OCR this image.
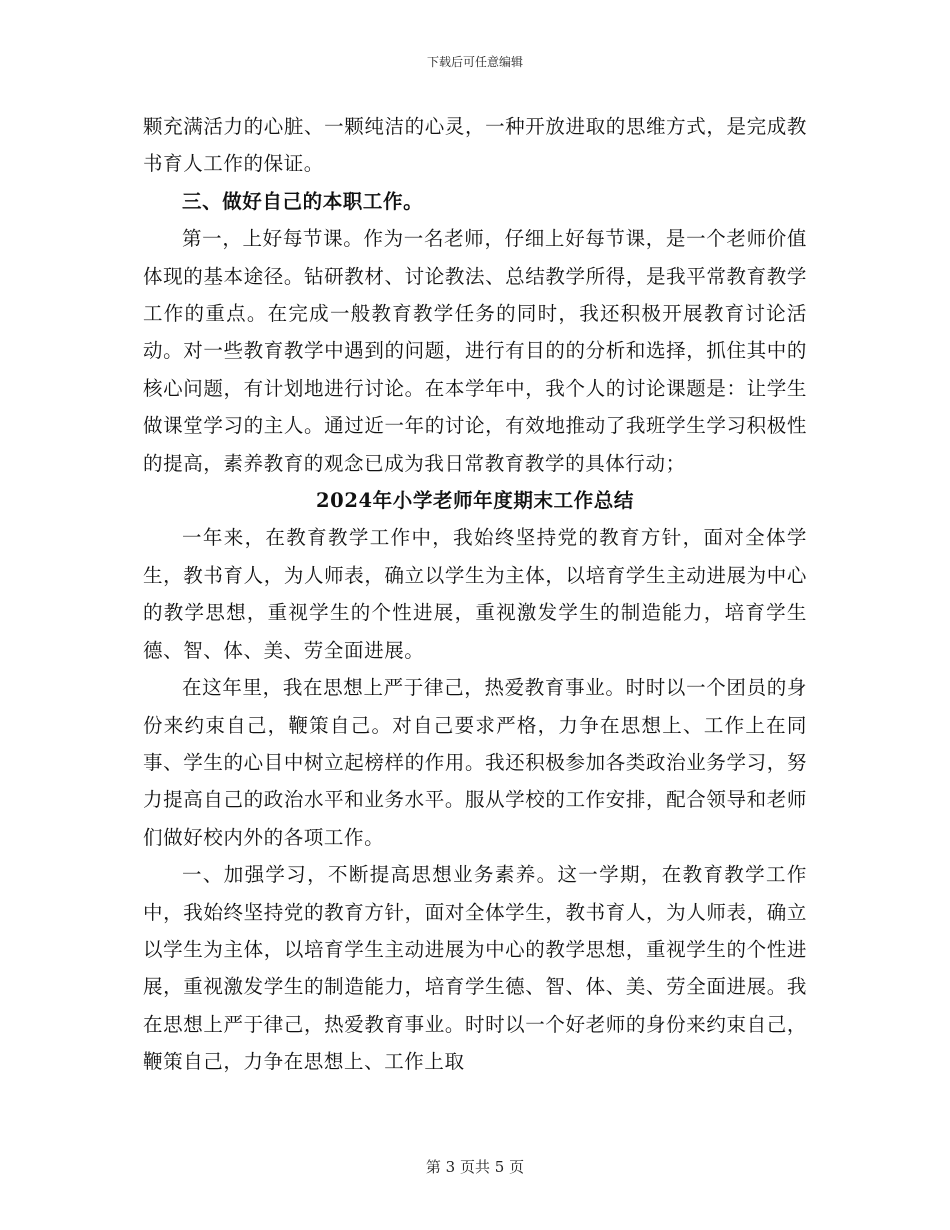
下载后可任意编辑

颗充满活力的心脏、一颗纯洁的心灵，一种开放进取的思维方式，是完成教书育人工作的保证。

三、做好自己的本职工作。

第一，上好每节课。作为一名老师，仔细上好每节课，是一个老师价值体现的基本途径。钻研教材、讨论教法、总结教学所得，是我平常教育教学工作的重点。在完成一般教育教学任务的同时，我还积极开展教育讨论活动。对一些教育教学中遇到的问题，进行有目的的分析和选择，抓住其中的核心问题，有计划地进行讨论。在本学年中，我个人的讨论课题是：让学生做课堂学习的主人。通过近一年的讨论，有效地推动了我班学生学习积极性的提高，素养教育的观念已成为我日常教育教学的具体行动；

2024年小学老师年度期末工作总结

一年来，在教育教学工作中，我始终坚持党的教育方针，面对全体学生，教书育人，为人师表，确立以学生为主体，以培育学生主动进展为中心的教学思想，重视学生的个性进展，重视激发学生的制造能力，培育学生德、智、体、美、劳全面进展。

在这年里，我在思想上严于律己，热爱教育事业。时时以一个团员的身份来约束自己，鞭策自己。对自己要求严格，力争在思想上、工作上在同事、学生的心目中树立起榜样的作用。我还积极参加各类政治业务学习，努力提高自己的政治水平和业务水平。服从学校的工作安排，配合领导和老师们做好校内外的各项工作。

一、加强学习，不断提高思想业务素养。这一学期，在教育教学工作中，我始终坚持党的教育方针，面对全体学生，教书育人，为人师表，确立以学生为主体，以培育学生主动进展为中心的教学思想，重视学生的个性进展，重视激发学生的制造能力，培育学生德、智、体、美、劳全面进展。我在思想上严于律己，热爱教育事业。时时以一个好老师的身份来约束自己，鞭策自己，力争在思想上、工作上取

第 3 页共 5 页
